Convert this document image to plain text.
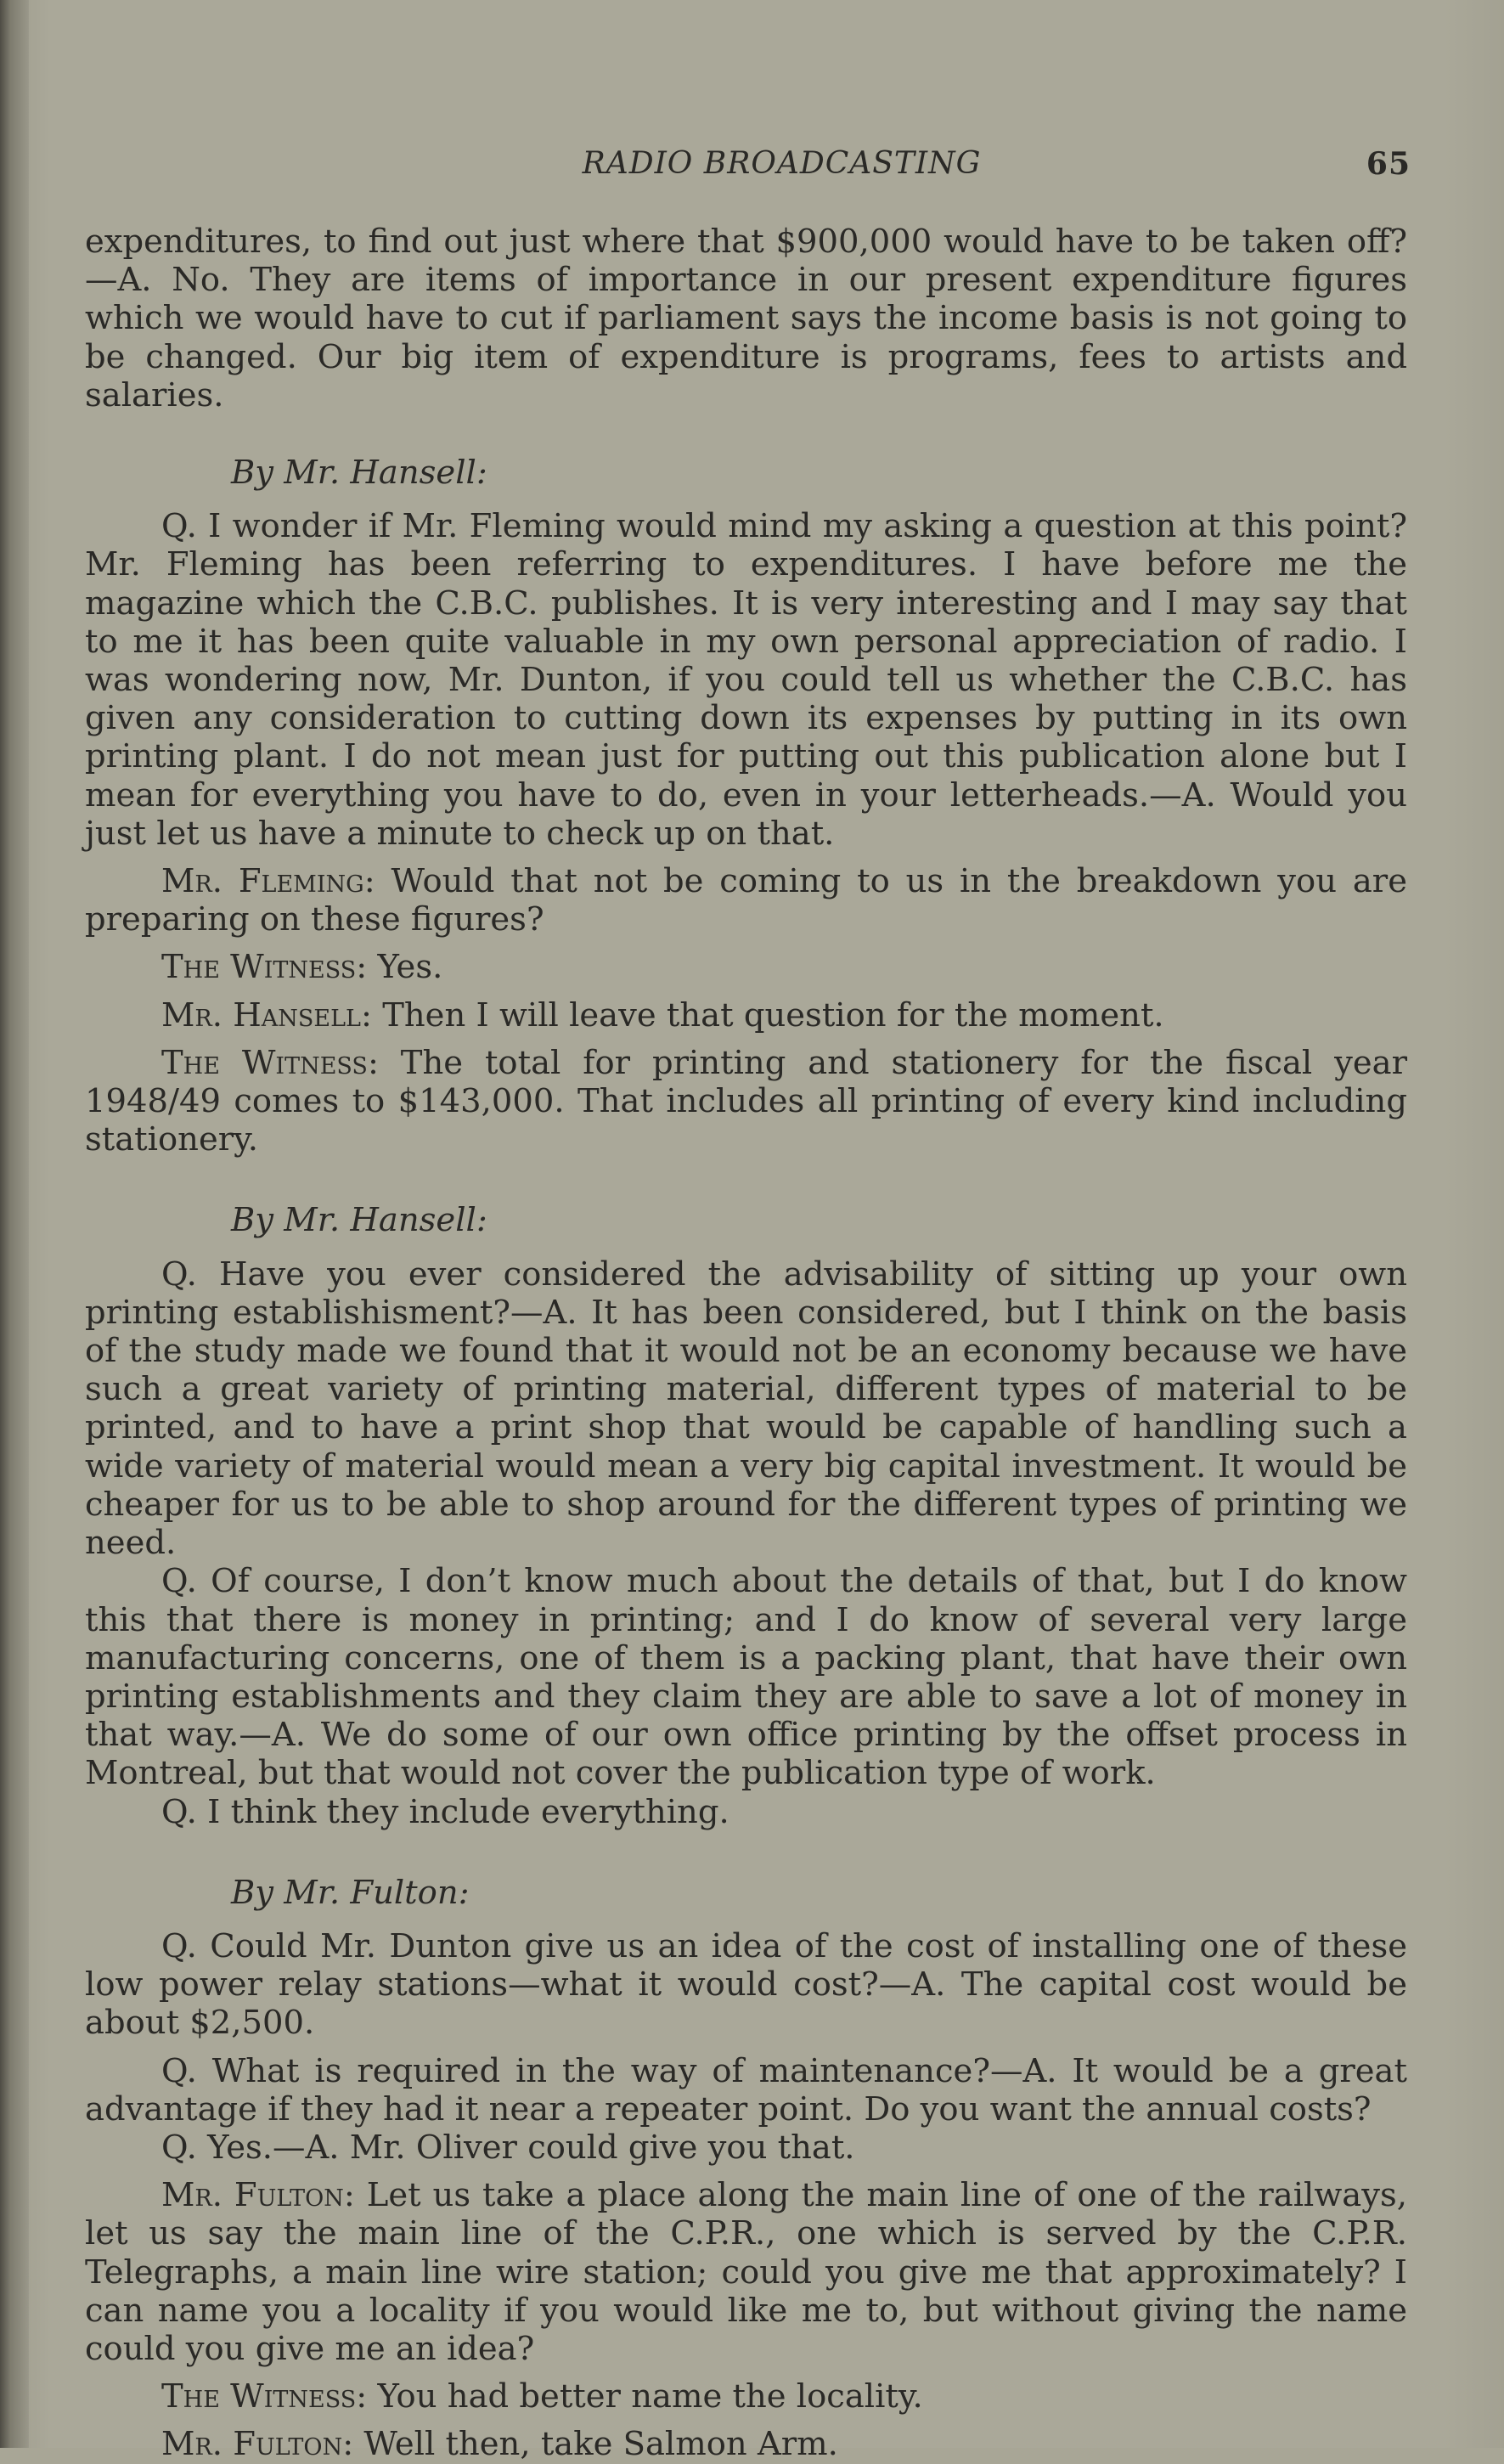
RADIO BROADCASTING	65

expenditures, to find out just where that $900,000 would have to be taken off?—A. No. They are items of importance in our present expenditure figures which we would have to cut if parliament says the income basis is not going to be changed. Our big item of expenditure is programs, fees to artists and salaries.

By Mr. Hansell:

Q. I wonder if Mr. Fleming would mind my asking a question at this point? Mr. Fleming has been referring to expenditures. I have before me the magazine which the C.B.C. publishes. It is very interesting and I may say that to me it has been quite valuable in my own personal appreciation of radio. I was wondering now, Mr. Dunton, if you could tell us whether the C.B.C. has given any consideration to cutting down its expenses by putting in its own printing plant. I do not mean just for putting out this publication alone but I mean for everything you have to do, even in your letterheads.—A. Would you just let us have a minute to check up on that.

Mr. Fleming: Would that not be coming to us in the breakdown you are preparing on these figures?

The Witness: Yes.

Mr. Hansell: Then I will leave that question for the moment.

The Witness: The total for printing and stationery for the fiscal year 1948/49 comes to $143,000. That includes all printing of every kind including stationery.

By Mr. Hansell:

Q. Have you ever considered the advisability of sitting up your own printing establishisment?—A. It has been considered, but I think on the basis of the study made we found that it would not be an economy because we have such a great variety of printing material, different types of material to be printed, and to have a print shop that would be capable of handling such a wide variety of material would mean a very big capital investment. It would be cheaper for us to be able to shop around for the different types of printing we need.

Q. Of course, I don’t know much about the details of that, but I do know this that there is money in printing; and I do know of several very large manufacturing concerns, one of them is a packing plant, that have their own printing establishments and they claim they are able to save a lot of money in that way.—A. We do some of our own office printing by the offset process in Montreal, but that would not cover the publication type of work.

Q. I think they include everything.

By Mr. Fulton:

Q. Could Mr. Dunton give us an idea of the cost of installing one of these low power relay stations—what it would cost?—A. The capital cost would be about $2,500.

Q. What is required in the way of maintenance?—A. It would be a great advantage if they had it near a repeater point. Do you want the annual costs?

Q. Yes.—A. Mr. Oliver could give you that.

Mr. Fulton: Let us take a place along the main line of one of the railways, let us say the main line of the C.P.R., one which is served by the C.P.R. Telegraphs, a main line wire station; could you give me that approximately? I can name you a locality if you would like me to, but without giving the name could you give me an idea?

The Witness: You had better name the locality.

Mr. Fulton: Well then, take Salmon Arm.
